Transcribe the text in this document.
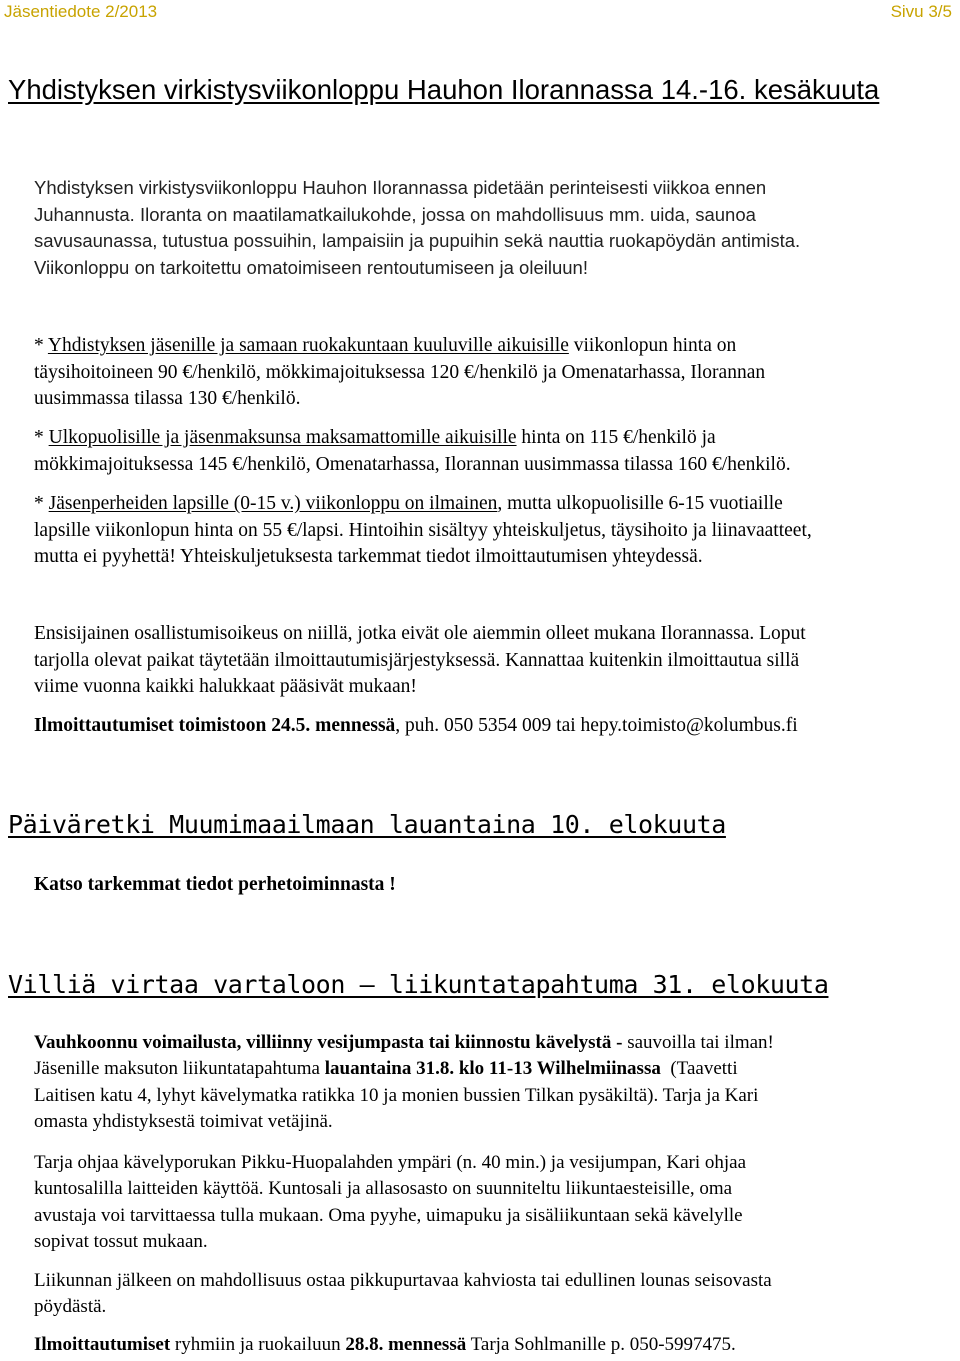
Jäsentiedote 2/2013	Sivu 3/5
Yhdistyksen virkistysviikonloppu Hauhon Ilorannassa 14.-16. kesäkuuta
Yhdistyksen virkistysviikonloppu Hauhon Ilorannassa pidetään perinteisesti viikkoa ennen
Juhannusta. Iloranta on maatilamatkailukohde, jossa on mahdollisuus mm. uida, saunoa
savusaunassa, tutustua possuihin, lampaisiin ja pupuihin sekä nauttia ruokapöydän antimista.
Viikonloppu on tarkoitettu omatoimiseen rentoutumiseen ja oleiluun!
* Yhdistyksen jäsenille ja samaan ruokakuntaan kuuluville aikuisille viikonlopun hinta on
täysihoitoineen 90 €/henkilö, mökkimajoituksessa 120 €/henkilö ja Omenatarhassa, Ilorannan
uusimmassa tilassa 130 €/henkilö.
* Ulkopuolisille ja jäsenmaksunsa maksamattomille aikuisille hinta on 115 €/henkilö ja
mökkimajoituksessa 145 €/henkilö, Omenatarhassa, Ilorannan uusimmassa tilassa 160 €/henkilö.
* Jäsenperheiden lapsille (0-15 v.) viikonloppu on ilmainen, mutta ulkopuolisille 6-15 vuotiaille
lapsille viikonlopun hinta on 55 €/lapsi. Hintoihin sisältyy yhteiskuljetus, täysihoito ja liinavaatteet,
mutta ei pyyhettä! Yhteiskuljetuksesta tarkemmat tiedot ilmoittautumisen yhteydessä.
Ensisijainen osallistumisoikeus on niillä, jotka eivät ole aiemmin olleet mukana Ilorannassa. Loput
tarjolla olevat paikat täytetään ilmoittautumisjärjestyksessä. Kannattaa kuitenkin ilmoittautua sillä
viime vuonna kaikki halukkaat pääsivät mukaan!
Ilmoittautumiset toimistoon 24.5. mennessä, puh. 050 5354 009 tai hepy.toimisto@kolumbus.fi
Päiväretki Muumimaailmaan lauantaina 10. elokuuta
Katso tarkemmat tiedot perhetoiminnasta !
Villiä virtaa vartaloon – liikuntatapahtuma 31. elokuuta
Vauhkoonnu voimailusta, villiinny vesijumpasta tai kiinnostu kävelystä - sauvoilla tai ilman!
Jäsenille maksuton liikuntatapahtuma lauantaina 31.8. klo 11-13 Wilhelmiinassa  (Taavetti
Laitisen katu 4, lyhyt kävelymatka ratikka 10 ja monien bussien Tilkan pysäkiltä). Tarja ja Kari
omasta yhdistyksestä toimivat vetäjinä.
Tarja ohjaa kävelyporukan Pikku-Huopalahden ympäri (n. 40 min.) ja vesijumpan, Kari ohjaa
kuntosalilla laitteiden käyttöä. Kuntosali ja allasosasto on suunniteltu liikuntaesteisille, oma
avustaja voi tarvittaessa tulla mukaan. Oma pyyhe, uimapuku ja sisäliikuntaan sekä kävelylle
sopivat tossut mukaan.
Liikunnan jälkeen on mahdollisuus ostaa pikkupurtavaa kahviosta tai edullinen lounas seisovasta
pöydästä.
Ilmoittautumiset ryhmiin ja ruokailuun 28.8. mennessä Tarja Sohlmanille p. 050-5997475.
